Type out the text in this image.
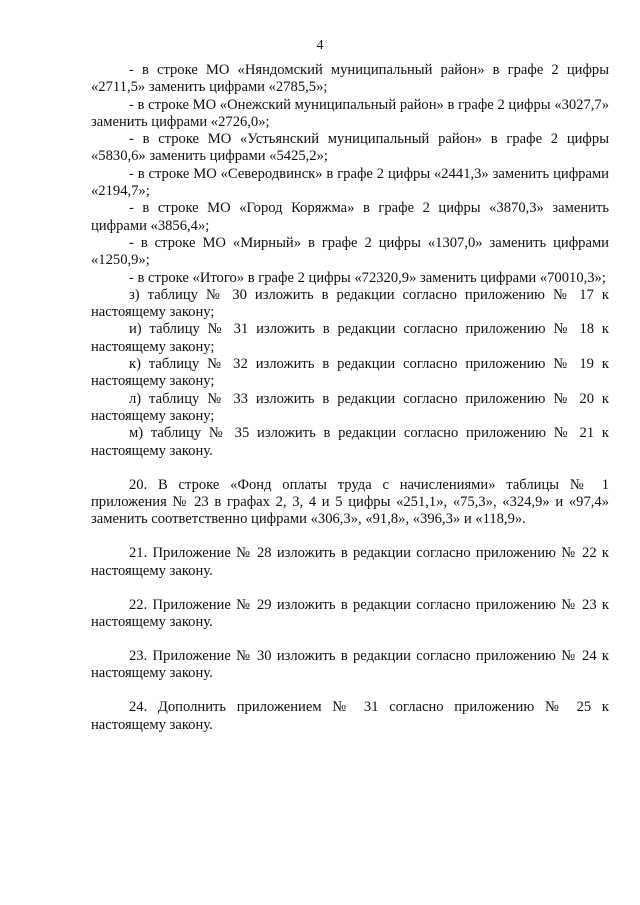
4

- в строке МО «Няндомский муниципальный район» в графе 2 цифры «2711,5» заменить цифрами «2785,5»;

- в строке МО «Онежский муниципальный район» в графе 2 цифры «3027,7» заменить цифрами «2726,0»;

- в строке МО «Устьянский муниципальный район» в графе 2 цифры «5830,6» заменить цифрами «5425,2»;

- в строке МО «Северодвинск» в графе 2 цифры «2441,3» заменить цифрами «2194,7»;

- в строке МО «Город Коряжма» в графе 2 цифры «3870,3» заменить цифрами «3856,4»;

- в строке МО «Мирный» в графе 2 цифры «1307,0» заменить цифрами «1250,9»;

- в строке «Итого» в графе 2 цифры «72320,9» заменить цифрами «70010,3»;

з) таблицу № 30 изложить в редакции согласно приложению № 17 к настоящему закону;

и) таблицу № 31 изложить в редакции согласно приложению № 18 к настоящему закону;

к) таблицу № 32 изложить в редакции согласно приложению № 19 к настоящему закону;

л) таблицу № 33 изложить в редакции согласно приложению № 20 к настоящему закону;

м) таблицу № 35 изложить в редакции согласно приложению № 21 к настоящему закону.

20. В строке «Фонд оплаты труда с начислениями» таблицы № 1 приложения № 23 в графах 2, 3, 4 и 5 цифры «251,1», «75,3», «324,9» и «97,4» заменить соответственно цифрами «306,3», «91,8», «396,3» и «118,9».

21. Приложение № 28 изложить в редакции согласно приложению № 22 к настоящему закону.

22. Приложение № 29 изложить в редакции согласно приложению № 23 к настоящему закону.

23. Приложение № 30 изложить в редакции согласно приложению № 24 к настоящему закону.

24. Дополнить приложением № 31 согласно приложению № 25 к настоящему закону.
